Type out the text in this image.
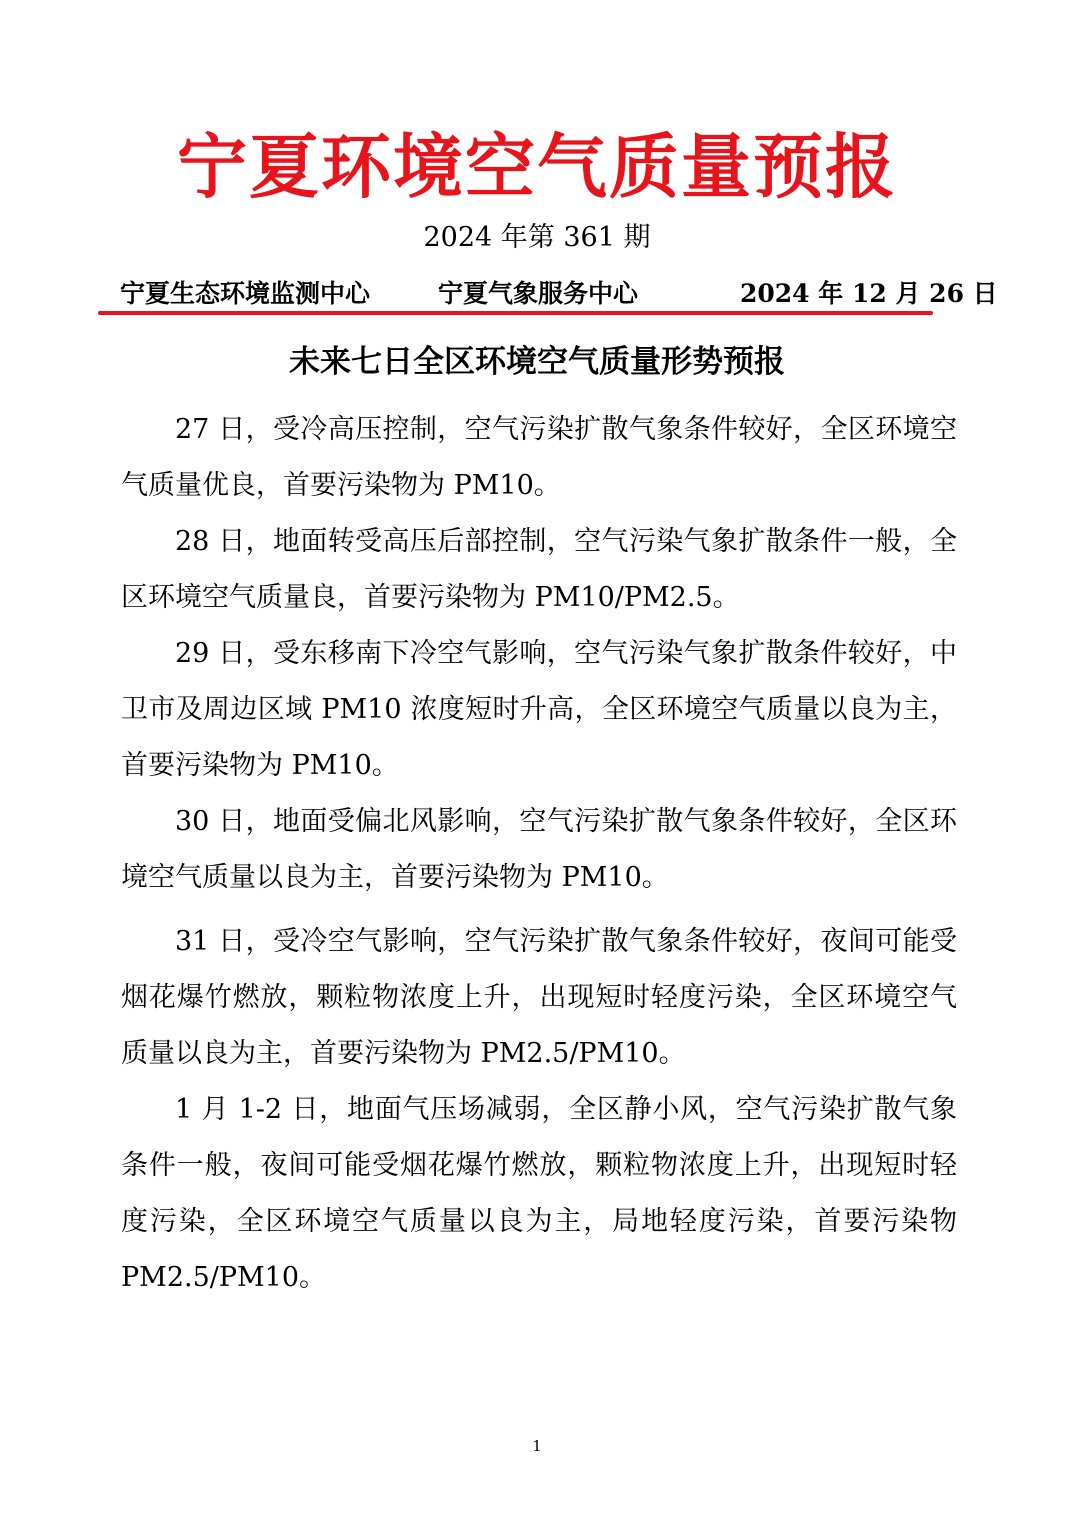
宁夏环境空气质量预报
2024 年第 361 期
宁夏生态环境监测中心	宁夏气象服务中心	2024 年 12 月 26 日
未来七日全区环境空气质量形势预报

27 日，受冷高压控制，空气污染扩散气象条件较好，全区环境空气质量优良，首要污染物为 PM10。

28 日，地面转受高压后部控制，空气污染气象扩散条件一般，全区环境空气质量良，首要污染物为 PM10/PM2.5。

29 日，受东移南下冷空气影响，空气污染气象扩散条件较好，中卫市及周边区域 PM10 浓度短时升高，全区环境空气质量以良为主，首要污染物为 PM10。

30 日，地面受偏北风影响，空气污染扩散气象条件较好，全区环境空气质量以良为主，首要污染物为 PM10。

31 日，受冷空气影响，空气污染扩散气象条件较好，夜间可能受烟花爆竹燃放，颗粒物浓度上升，出现短时轻度污染，全区环境空气质量以良为主，首要污染物为 PM2.5/PM10。

1 月 1-2 日，地面气压场减弱，全区静小风，空气污染扩散气象条件一般，夜间可能受烟花爆竹燃放，颗粒物浓度上升，出现短时轻度污染，全区环境空气质量以良为主，局地轻度污染，首要污染物 PM2.5/PM10。

1
